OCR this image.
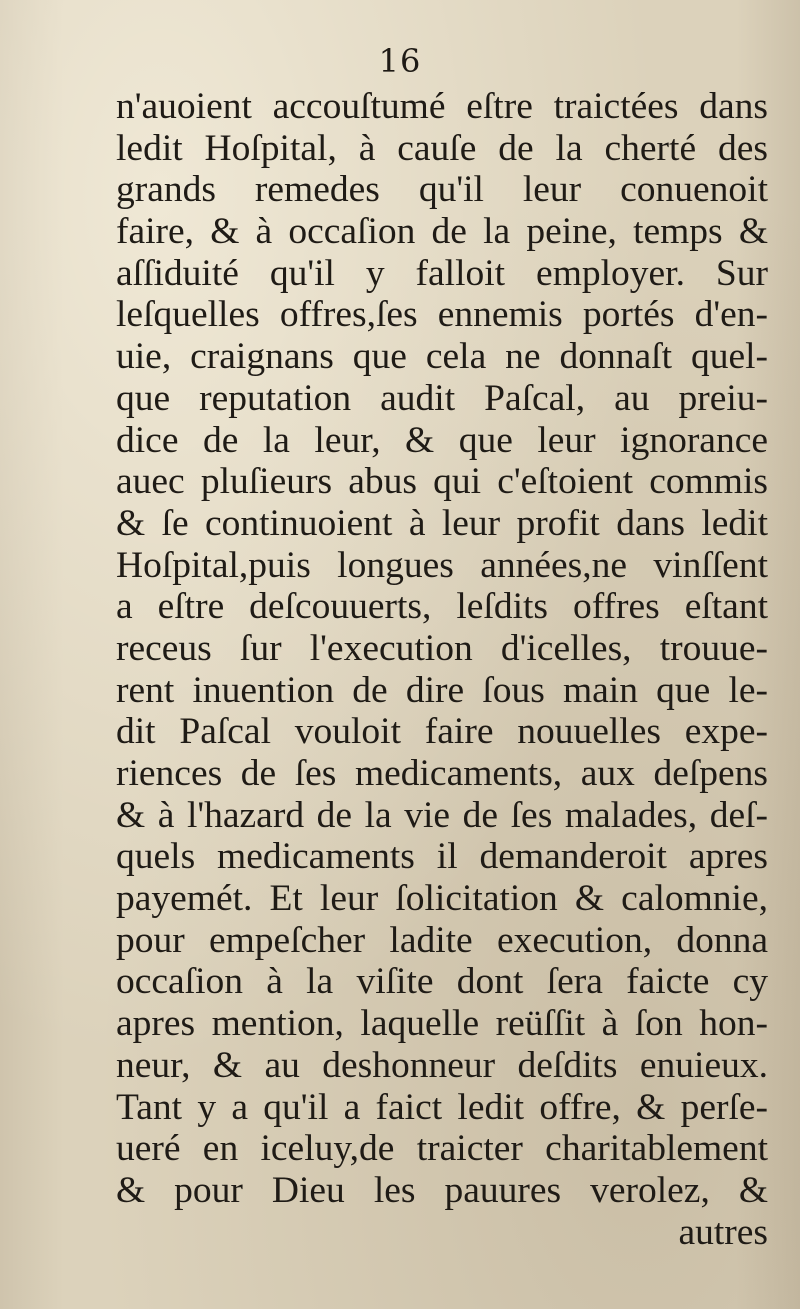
16
n'auoient accouſtumé eſtre traictées dans
ledit Hoſpital, à cauſe de la cherté des
grands remedes qu'il leur conuenoit
faire, & à occaſion de la peine, temps &
aſſiduité qu'il y falloit employer. Sur
leſquelles offres,ſes ennemis portés d'en-
uie, craignans que cela ne donnaſt quel-
que reputation audit Paſcal, au preiu-
dice de la leur, & que leur ignorance
auec pluſieurs abus qui c'eſtoient commis
& ſe continuoient à leur profit dans ledit
Hoſpital,puis longues années,ne vinſſent
a eſtre deſcouuerts, leſdits offres eſtant
receus ſur l'execution d'icelles, trouue-
rent inuention de dire ſous main que le-
dit Paſcal vouloit faire nouuelles expe-
riences de ſes medicaments, aux deſpens
& à l'hazard de la vie de ſes malades, deſ-
quels medicaments il demanderoit apres
payemét. Et leur ſolicitation & calomnie,
pour empeſcher ladite execution, donna
occaſion à la viſite dont ſera faicte cy
apres mention, laquelle reüſſit à ſon hon-
neur, & au deshonneur deſdits enuieux.
Tant y a qu'il a faict ledit offre, & perſe-
ueré en iceluy,de traicter charitablement
& pour Dieu les pauures verolez, &
autres
